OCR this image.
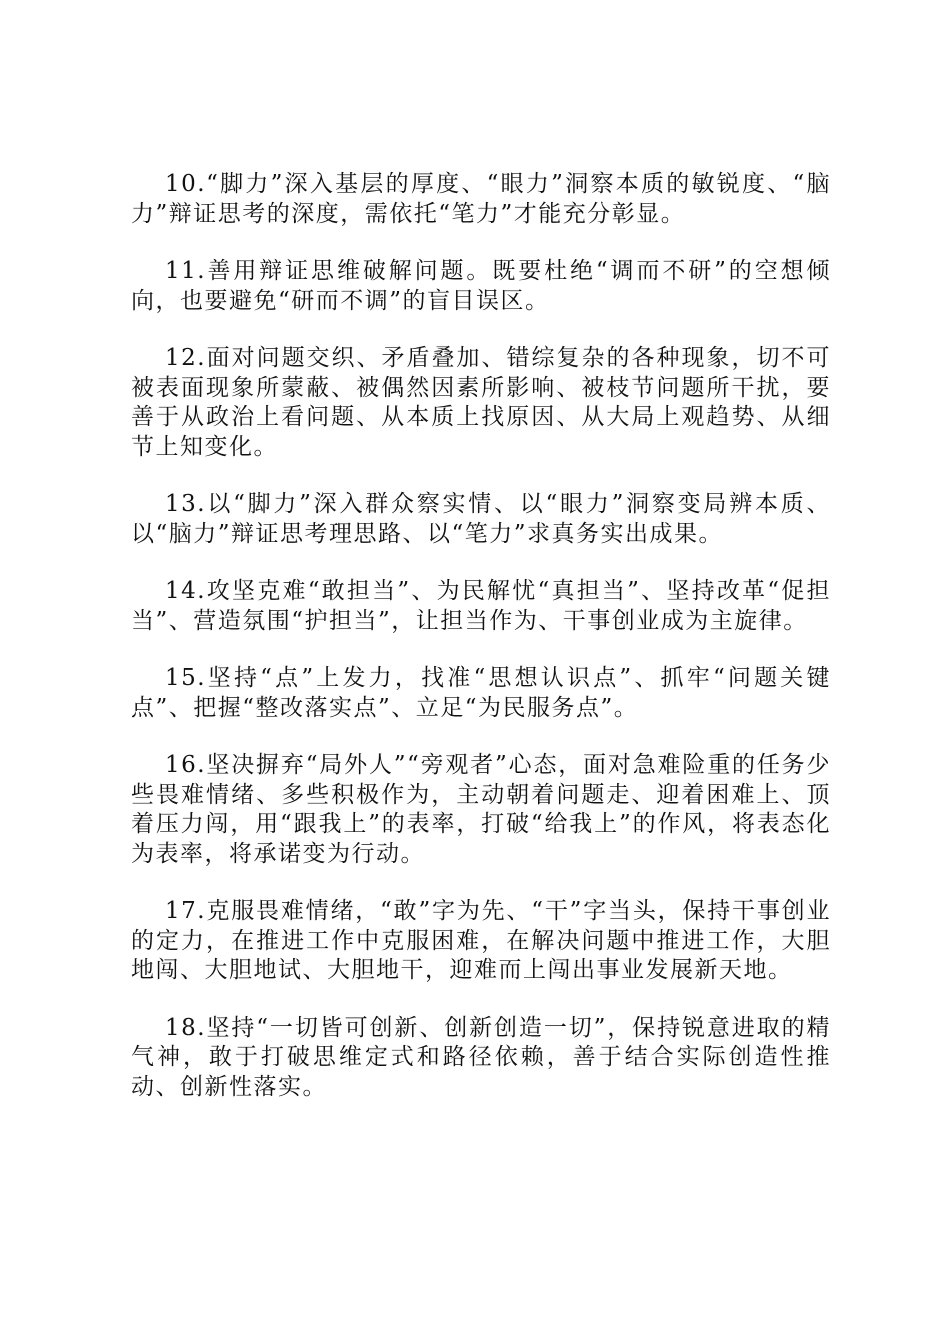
10.“脚力”深入基层的厚度、“眼力”洞察本质的敏锐度、“脑力”辩证思考的深度，需依托“笔力”才能充分彰显。

11.善用辩证思维破解问题。既要杜绝“调而不研”的空想倾向，也要避免“研而不调”的盲目误区。

12.面对问题交织、矛盾叠加、错综复杂的各种现象，切不可被表面现象所蒙蔽、被偶然因素所影响、被枝节问题所干扰，要善于从政治上看问题、从本质上找原因、从大局上观趋势、从细节上知变化。

13.以“脚力”深入群众察实情、以“眼力”洞察变局辨本质、以“脑力”辩证思考理思路、以“笔力”求真务实出成果。

14.攻坚克难“敢担当”、为民解忧“真担当”、坚持改革“促担当”、营造氛围“护担当”，让担当作为、干事创业成为主旋律。

15.坚持“点”上发力，找准“思想认识点”、抓牢“问题关键点”、把握“整改落实点”、立足“为民服务点”。

16.坚决摒弃“局外人”“旁观者”心态，面对急难险重的任务少些畏难情绪、多些积极作为，主动朝着问题走、迎着困难上、顶着压力闯，用“跟我上”的表率，打破“给我上”的作风，将表态化为表率，将承诺变为行动。

17.克服畏难情绪，“敢”字为先、“干”字当头，保持干事创业的定力，在推进工作中克服困难，在解决问题中推进工作，大胆地闯、大胆地试、大胆地干，迎难而上闯出事业发展新天地。

18.坚持“一切皆可创新、创新创造一切”，保持锐意进取的精气神，敢于打破思维定式和路径依赖，善于结合实际创造性推动、创新性落实。
